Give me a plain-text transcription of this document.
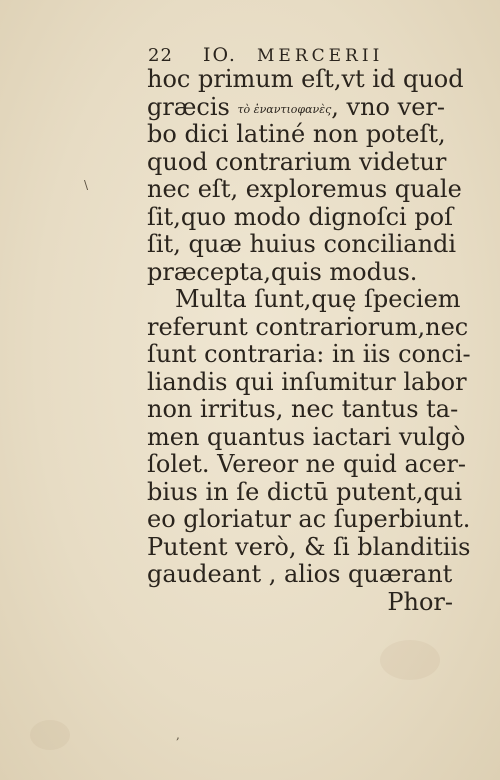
22 IO. MERCERII
hoc primum eſt,vt id quod
græcis τὸ ἐναντιοφανὲς, vno ver-
bo dici latiné non poteſt,
quod contrarium videtur
nec eſt, exploremus quale
ſit,quo modo dignoſci poſ
ſit, quæ huius conciliandi
præcepta,quis modus.
Multa ſunt,quę ſpeciem
referunt contrariorum,nec
ſunt contraria: in iis conci-
liandis qui inſumitur labor
non irritus, nec tantus ta-
men quantus iactari vulgò
ſolet. Vereor ne quid acer-
bius in ſe dictū putent,qui
eo gloriatur ac ſuperbiunt.
Putent verò, & ſi blanditiis
gaudeant , alios quærant
Phor-
\
,
